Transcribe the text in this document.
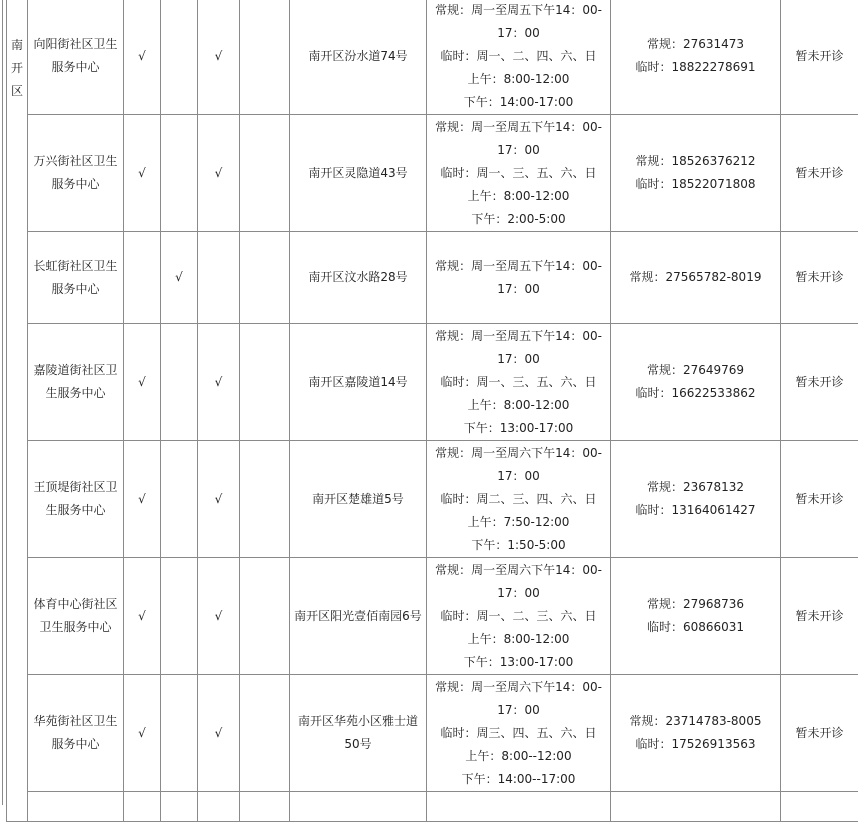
南
开
区	向阳街社区卫生
服务中心	√		√		南开区汾水道74号	常规：周一至周五下午14：00-
17：00
临时：周一、二、四、六、日
上午：8:00-12:00
下午：14:00-17:00	常规：27631473
临时：18822278691	暂未开诊

	万兴街社区卫生
服务中心	√		√		南开区灵隐道43号	常规：周一至周五下午14：00-
17：00
临时：周一、三、五、六、日
上午：8:00-12:00
下午：2:00-5:00	常规：18526376212
临时：18522071808	暂未开诊

	长虹街社区卫生
服务中心		√			南开区汶水路28号	常规：周一至周五下午14：00-
17：00	常规：27565782-8019	暂未开诊

	嘉陵道街社区卫
生服务中心	√		√		南开区嘉陵道14号	常规：周一至周五下午14：00-
17：00
临时：周一、三、五、六、日
上午：8:00-12:00
下午：13:00-17:00	常规：27649769
临时：16622533862	暂未开诊

	王顶堤街社区卫
生服务中心	√		√		南开区楚雄道5号	常规：周一至周六下午14：00-
17：00
临时：周二、三、四、六、日
上午：7:50-12:00
下午：1:50-5:00	常规：23678132
临时：13164061427	暂未开诊

	体育中心街社区
卫生服务中心	√		√		南开区阳光壹佰南园6号	常规：周一至周六下午14：00-
17：00
临时：周一、二、三、六、日
上午：8:00-12:00
下午：13:00-17:00	常规：27968736
临时：60866031	暂未开诊

	华苑街社区卫生
服务中心	√		√		南开区华苑小区雅士道
50号	常规：周一至周六下午14：00-
17：00
临时：周三、四、五、六、日
上午：8:00--12:00
下午：14:00--17:00	常规：23714783-8005
临时：17526913563	暂未开诊
